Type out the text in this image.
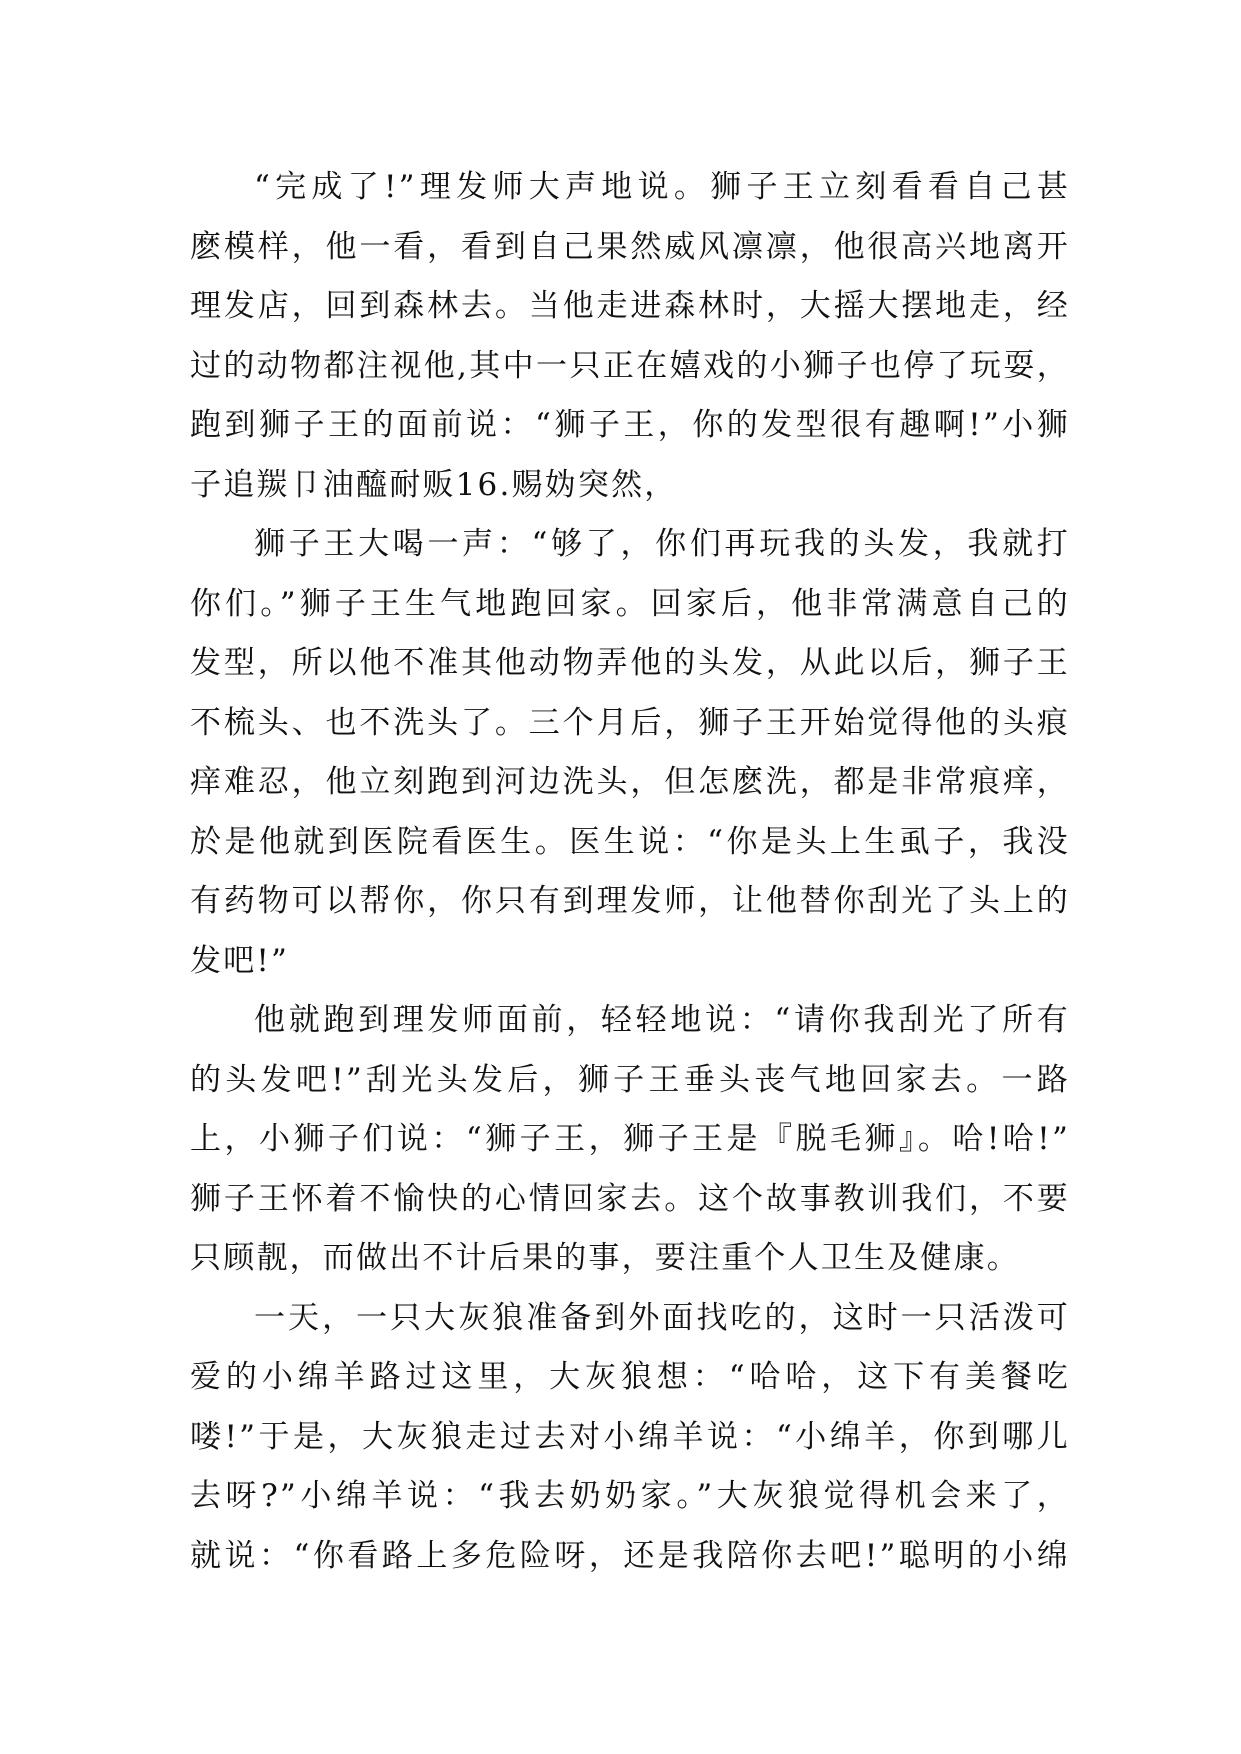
“完成了!”理发师大声地说。狮子王立刻看看自己甚
麽模样，他一看，看到自己果然威风凛凛，他很高兴地离开
理发店，回到森林去。当他走进森林时，大摇大摆地走，经
过的动物都注视他,其中一只正在嬉戏的小狮子也停了玩耍，
跑到狮子王的面前说：“狮子王，你的发型很有趣啊!”小狮
子追羰卩油醯耐贩16.赐妫突然，
狮子王大喝一声：“够了，你们再玩我的头发，我就打
你们。”狮子王生气地跑回家。回家后，他非常满意自己的
发型，所以他不准其他动物弄他的头发，从此以后，狮子王
不梳头、也不洗头了。三个月后，狮子王开始觉得他的头痕
痒难忍，他立刻跑到河边洗头，但怎麽洗，都是非常痕痒，
於是他就到医院看医生。医生说：“你是头上生虱子，我没
有药物可以帮你，你只有到理发师，让他替你刮光了头上的
发吧!”
他就跑到理发师面前，轻轻地说：“请你我刮光了所有
的头发吧!”刮光头发后，狮子王垂头丧气地回家去。一路
上，小狮子们说：“狮子王，狮子王是『脱毛狮』。哈!哈!”
狮子王怀着不愉快的心情回家去。这个故事教训我们，不要
只顾靓，而做出不计后果的事，要注重个人卫生及健康。
一天，一只大灰狼准备到外面找吃的，这时一只活泼可
爱的小绵羊路过这里，大灰狼想：“哈哈，这下有美餐吃
喽!”于是，大灰狼走过去对小绵羊说：“小绵羊，你到哪儿
去呀?”小绵羊说：“我去奶奶家。”大灰狼觉得机会来了，
就说：“你看路上多危险呀，还是我陪你去吧!”聪明的小绵
